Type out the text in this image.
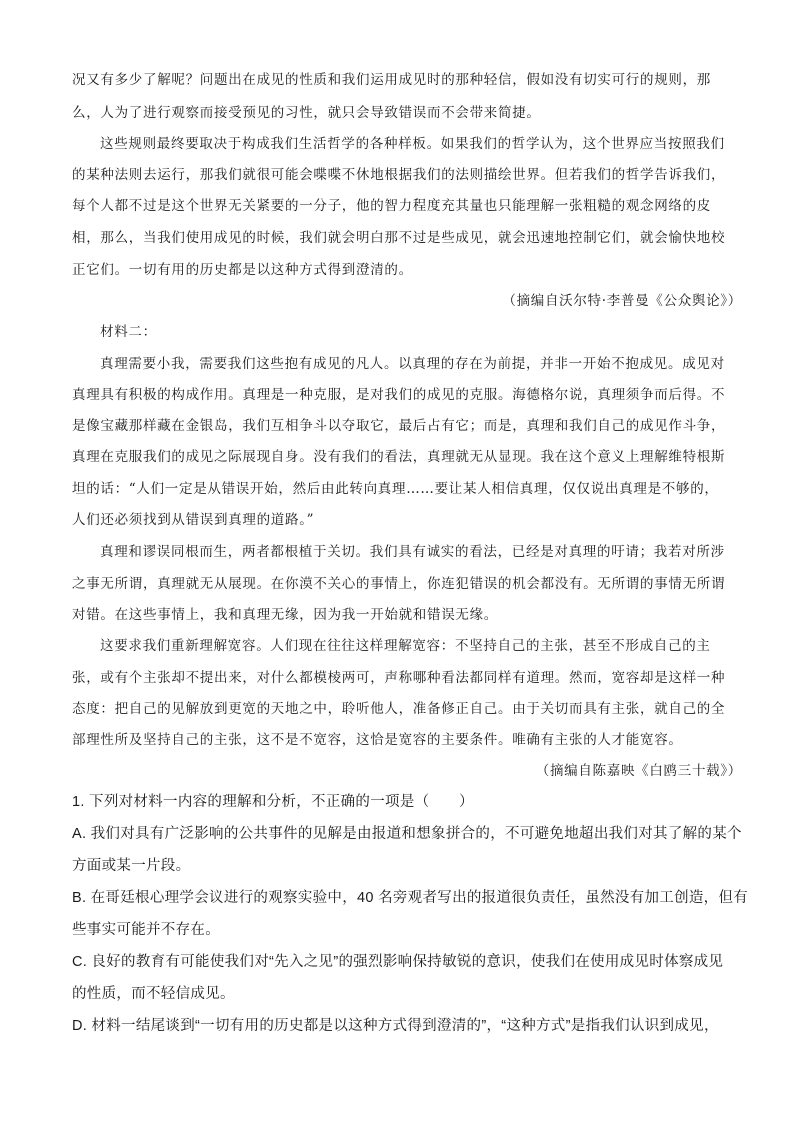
况又有多少了解呢？问题出在成见的性质和我们运用成见时的那种轻信，假如没有切实可行的规则，那
么，人为了进行观察而接受预见的习性，就只会导致错误而不会带来简捷。
这些规则最终要取决于构成我们生活哲学的各种样板。如果我们的哲学认为，这个世界应当按照我们
的某种法则去运行，那我们就很可能会喋喋不休地根据我们的法则描绘世界。但若我们的哲学告诉我们，
每个人都不过是这个世界无关紧要的一分子，他的智力程度充其量也只能理解一张粗糙的观念网络的皮
相，那么，当我们使用成见的时候，我们就会明白那不过是些成见，就会迅速地控制它们，就会愉快地校
正它们。一切有用的历史都是以这种方式得到澄清的。
（摘编自沃尔特·李普曼《公众舆论》）
材料二：
真理需要小我，需要我们这些抱有成见的凡人。以真理的存在为前提，并非一开始不抱成见。成见对
真理具有积极的构成作用。真理是一种克服，是对我们的成见的克服。海德格尔说，真理须争而后得。不
是像宝藏那样藏在金银岛，我们互相争斗以夺取它，最后占有它；而是，真理和我们自己的成见作斗争，
真理在克服我们的成见之际展现自身。没有我们的看法，真理就无从显现。我在这个意义上理解维特根斯
坦的话：“人们一定是从错误开始，然后由此转向真理……要让某人相信真理，仅仅说出真理是不够的，
人们还必须找到从错误到真理的道路。”
真理和谬误同根而生，两者都根植于关切。我们具有诚实的看法，已经是对真理的吁请；我若对所涉
之事无所谓，真理就无从展现。在你漠不关心的事情上，你连犯错误的机会都没有。无所谓的事情无所谓
对错。在这些事情上，我和真理无缘，因为我一开始就和错误无缘。
这要求我们重新理解宽容。人们现在往往这样理解宽容：不坚持自己的主张，甚至不形成自己的主
张，或有个主张却不提出来，对什么都模棱两可，声称哪种看法都同样有道理。然而，宽容却是这样一种
态度：把自己的见解放到更宽的天地之中，聆听他人，准备修正自己。由于关切而具有主张，就自己的全
部理性所及坚持自己的主张，这不是不宽容，这恰是宽容的主要条件。唯确有主张的人才能宽容。
（摘编自陈嘉映《白鸥三十载》）
1. 下列对材料一内容的理解和分析，不正确的一项是（　　）
A. 我们对具有广泛影响的公共事件的见解是由报道和想象拼合的，不可避免地超出我们对其了解的某个
方面或某一片段。
B. 在哥廷根心理学会议进行的观察实验中，40 名旁观者写出的报道很负责任，虽然没有加工创造，但有
些事实可能并不存在。
C. 良好的教育有可能使我们对“先入之见”的强烈影响保持敏锐的意识，使我们在使用成见时体察成见
的性质，而不轻信成见。
D. 材料一结尾谈到“一切有用的历史都是以这种方式得到澄清的”，“这种方式”是指我们认识到成见，
